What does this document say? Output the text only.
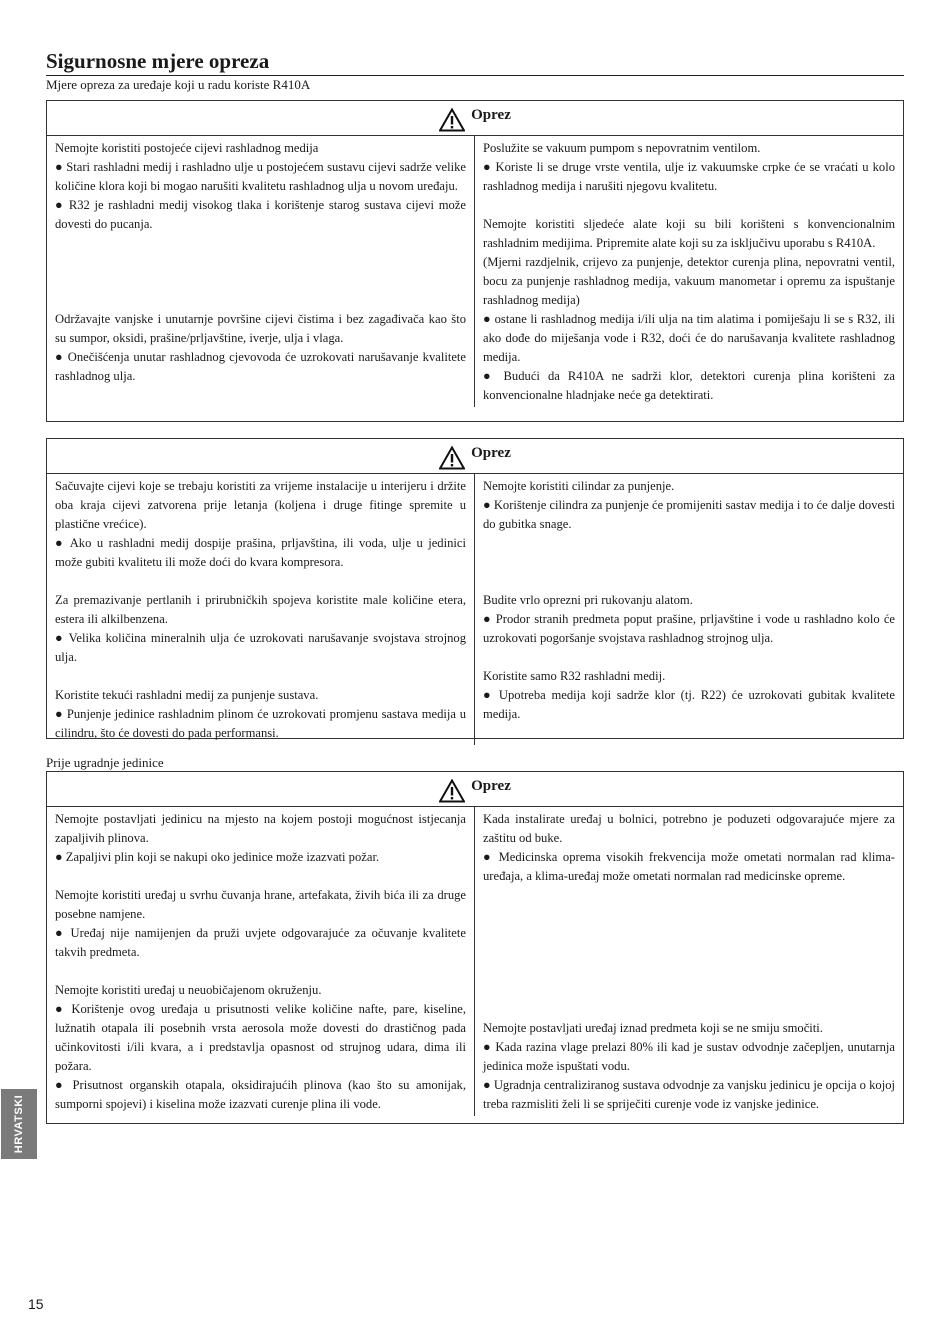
Sigurnosne mjere opreza
Mjere opreza za uređaje koji u radu koriste R410A
Oprez

Nemojte koristiti postojeće cijevi rashladnog medija

● Stari rashladni medij i rashladno ulje u postojećem sustavu cijevi sadrže velike količine klora koji bi mogao narušiti kvalitetu rashladnog ulja u novom uređaju.

● R32 je rashladni medij visokog tlaka i korištenje starog sustava cijevi može dovesti do pucanja.

Održavajte vanjske i unutarnje površine cijevi čistima i bez zagađivača kao što su sumpor, oksidi, prašine/prljavštine, iverje, ulja i vlaga.

● Onečišćenja unutar rashladnog cjevovoda će uzrokovati narušavanje kvalitete rashladnog ulja.

Poslužite se vakuum pumpom s nepovratnim ventilom.

● Koriste li se druge vrste ventila, ulje iz vakuumske crpke će se vraćati u kolo rashladnog medija i narušiti njegovu kvalitetu.

Nemojte koristiti sljedeće alate koji su bili korišteni s konvencionalnim rashladnim medijima. Pripremite alate koji su za isključivu uporabu s R410A.

(Mjerni razdjelnik, crijevo za punjenje, detektor curenja plina, nepovratni ventil, bocu za punjenje rashladnog medija, vakuum manometar i opremu za ispuštanje rashladnog medija)

● ostane li rashladnog medija i/ili ulja na tim alatima i pomiješaju li se s R32, ili ako dođe do miješanja vode i R32, doći će do narušavanja kvalitete rashladnog medija.

● Budući da R410A ne sadrži klor, detektori curenja plina korišteni za konvencionalne hladnjake neće ga detektirati.

Oprez

Sačuvajte cijevi koje se trebaju koristiti za vrijeme instalacije u interijeru i držite oba kraja cijevi zatvorena prije letanja (koljena i druge fitinge spremite u plastične vrećice).

● Ako u rashladni medij dospije prašina, prljavština, ili voda, ulje u jedinici može gubiti kvalitetu ili može doći do kvara kompresora.

Za premazivanje pertlanih i prirubničkih spojeva koristite male količine etera, estera ili alkilbenzena.

● Velika količina mineralnih ulja će uzrokovati narušavanje svojstava strojnog ulja.

Koristite tekući rashladni medij za punjenje sustava.

● Punjenje jedinice rashladnim plinom će uzrokovati promjenu sastava medija u cilindru, što će dovesti do pada performansi.

Nemojte koristiti cilindar za punjenje.

● Korištenje cilindra za punjenje će promijeniti sastav medija i to će dalje dovesti do gubitka snage.

Budite vrlo oprezni pri rukovanju alatom.

● Prodor stranih predmeta poput prašine, prljavštine i vode u rashladno kolo će uzrokovati pogoršanje svojstava rashladnog strojnog ulja.

Koristite samo R32 rashladni medij.

● Upotreba medija koji sadrže klor (tj. R22) će uzrokovati gubitak kvalitete medija.

Prije ugradnje jedinice
Oprez

Nemojte postavljati jedinicu na mjesto na kojem postoji mogućnost istjecanja zapaljivih plinova.

● Zapaljivi plin koji se nakupi oko jedinice može izazvati požar.

Nemojte koristiti uređaj u svrhu čuvanja hrane, artefakata, živih bića ili za druge posebne namjene.

● Uređaj nije namijenjen da pruži uvjete odgovarajuće za očuvanje kvalitete takvih predmeta.

Nemojte koristiti uređaj u neuobičajenom okruženju.

● Korištenje ovog uređaja u prisutnosti velike količine nafte, pare, kiseline, lužnatih otapala ili posebnih vrsta aerosola može dovesti do drastičnog pada učinkovitosti i/ili kvara, a i predstavlja opasnost od strujnog udara, dima ili požara.

● Prisutnost organskih otapala, oksidirajućih plinova (kao što su amonijak, sumporni spojevi) i kiselina može izazvati curenje plina ili vode.

Kada instalirate uređaj u bolnici, potrebno je poduzeti odgovarajuće mjere za zaštitu od buke.

● Medicinska oprema visokih frekvencija može ometati normalan rad klima-uređaja, a klima-uređaj može ometati normalan rad medicinske opreme.

Nemojte postavljati uređaj iznad predmeta koji se ne smiju smočiti.

● Kada razina vlage prelazi 80% ili kad je sustav odvodnje začepljen, unutarnja jedinica može ispuštati vodu.

● Ugradnja centraliziranog sustava odvodnje za vanjsku jedinicu je opcija o kojoj treba razmisliti želi li se spriječiti curenje vode iz vanjske jedinice.

HRVATSKI
15
